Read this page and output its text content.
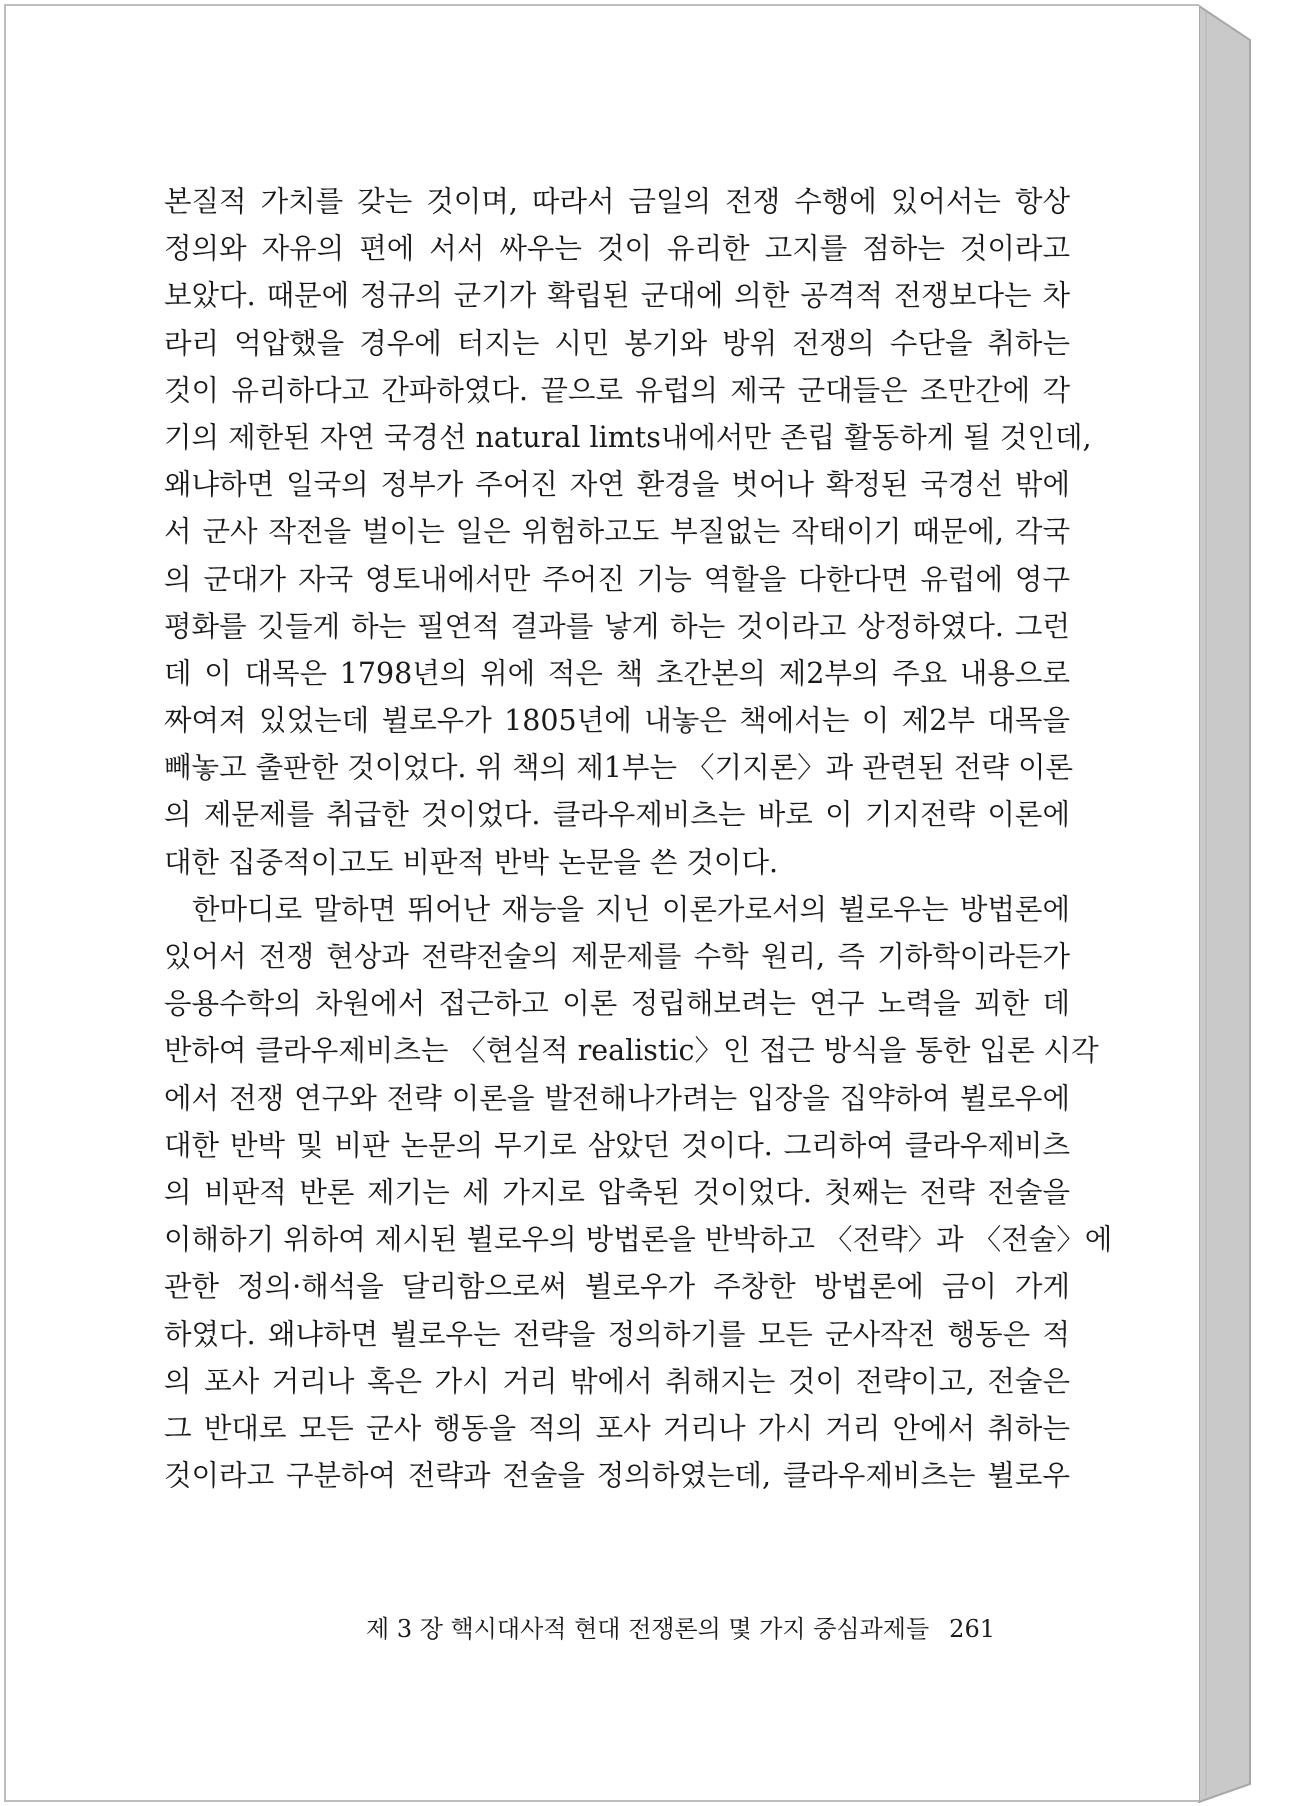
본질적 가치를 갖는 것이며, 따라서 금일의 전쟁 수행에 있어서는 항상
정의와 자유의 편에 서서 싸우는 것이 유리한 고지를 점하는 것이라고
보았다. 때문에 정규의 군기가 확립된 군대에 의한 공격적 전쟁보다는 차
라리 억압했을 경우에 터지는 시민 봉기와 방위 전쟁의 수단을 취하는
것이 유리하다고 간파하였다. 끝으로 유럽의 제국 군대들은 조만간에 각
기의 제한된 자연 국경선 natural limts내에서만 존립 활동하게 될 것인데,
왜냐하면 일국의 정부가 주어진 자연 환경을 벗어나 확정된 국경선 밖에
서 군사 작전을 벌이는 일은 위험하고도 부질없는 작태이기 때문에, 각국
의 군대가 자국 영토내에서만 주어진 기능 역할을 다한다면 유럽에 영구
평화를 깃들게 하는 필연적 결과를 낳게 하는 것이라고 상정하였다. 그런
데 이 대목은 1798년의 위에 적은 책 초간본의 제2부의 주요 내용으로
짜여져 있었는데 뷜로우가 1805년에 내놓은 책에서는 이 제2부 대목을
빼놓고 출판한 것이었다. 위 책의 제1부는 〈기지론〉과 관련된 전략 이론
의 제문제를 취급한 것이었다. 클라우제비츠는 바로 이 기지전략 이론에
대한 집중적이고도 비판적 반박 논문을 쓴 것이다.
한마디로 말하면 뛰어난 재능을 지닌 이론가로서의 뷜로우는 방법론에
있어서 전쟁 현상과 전략전술의 제문제를 수학 원리, 즉 기하학이라든가
응용수학의 차원에서 접근하고 이론 정립해보려는 연구 노력을 꾀한 데
반하여 클라우제비츠는 〈현실적 realistic〉인 접근 방식을 통한 입론 시각
에서 전쟁 연구와 전략 이론을 발전해나가려는 입장을 집약하여 뷜로우에
대한 반박 및 비판 논문의 무기로 삼았던 것이다. 그리하여 클라우제비츠
의 비판적 반론 제기는 세 가지로 압축된 것이었다. 첫째는 전략 전술을
이해하기 위하여 제시된 뷜로우의 방법론을 반박하고 〈전략〉과 〈전술〉에
관한 정의·해석을 달리함으로써 뷜로우가 주창한 방법론에 금이 가게
하였다. 왜냐하면 뷜로우는 전략을 정의하기를 모든 군사작전 행동은 적
의 포사 거리나 혹은 가시 거리 밖에서 취해지는 것이 전략이고, 전술은
그 반대로 모든 군사 행동을 적의 포사 거리나 가시 거리 안에서 취하는
것이라고 구분하여 전략과 전술을 정의하였는데, 클라우제비츠는 뷜로우
제 3 장 핵시대사적 현대 전쟁론의 몇 가지 중심과제들 261
